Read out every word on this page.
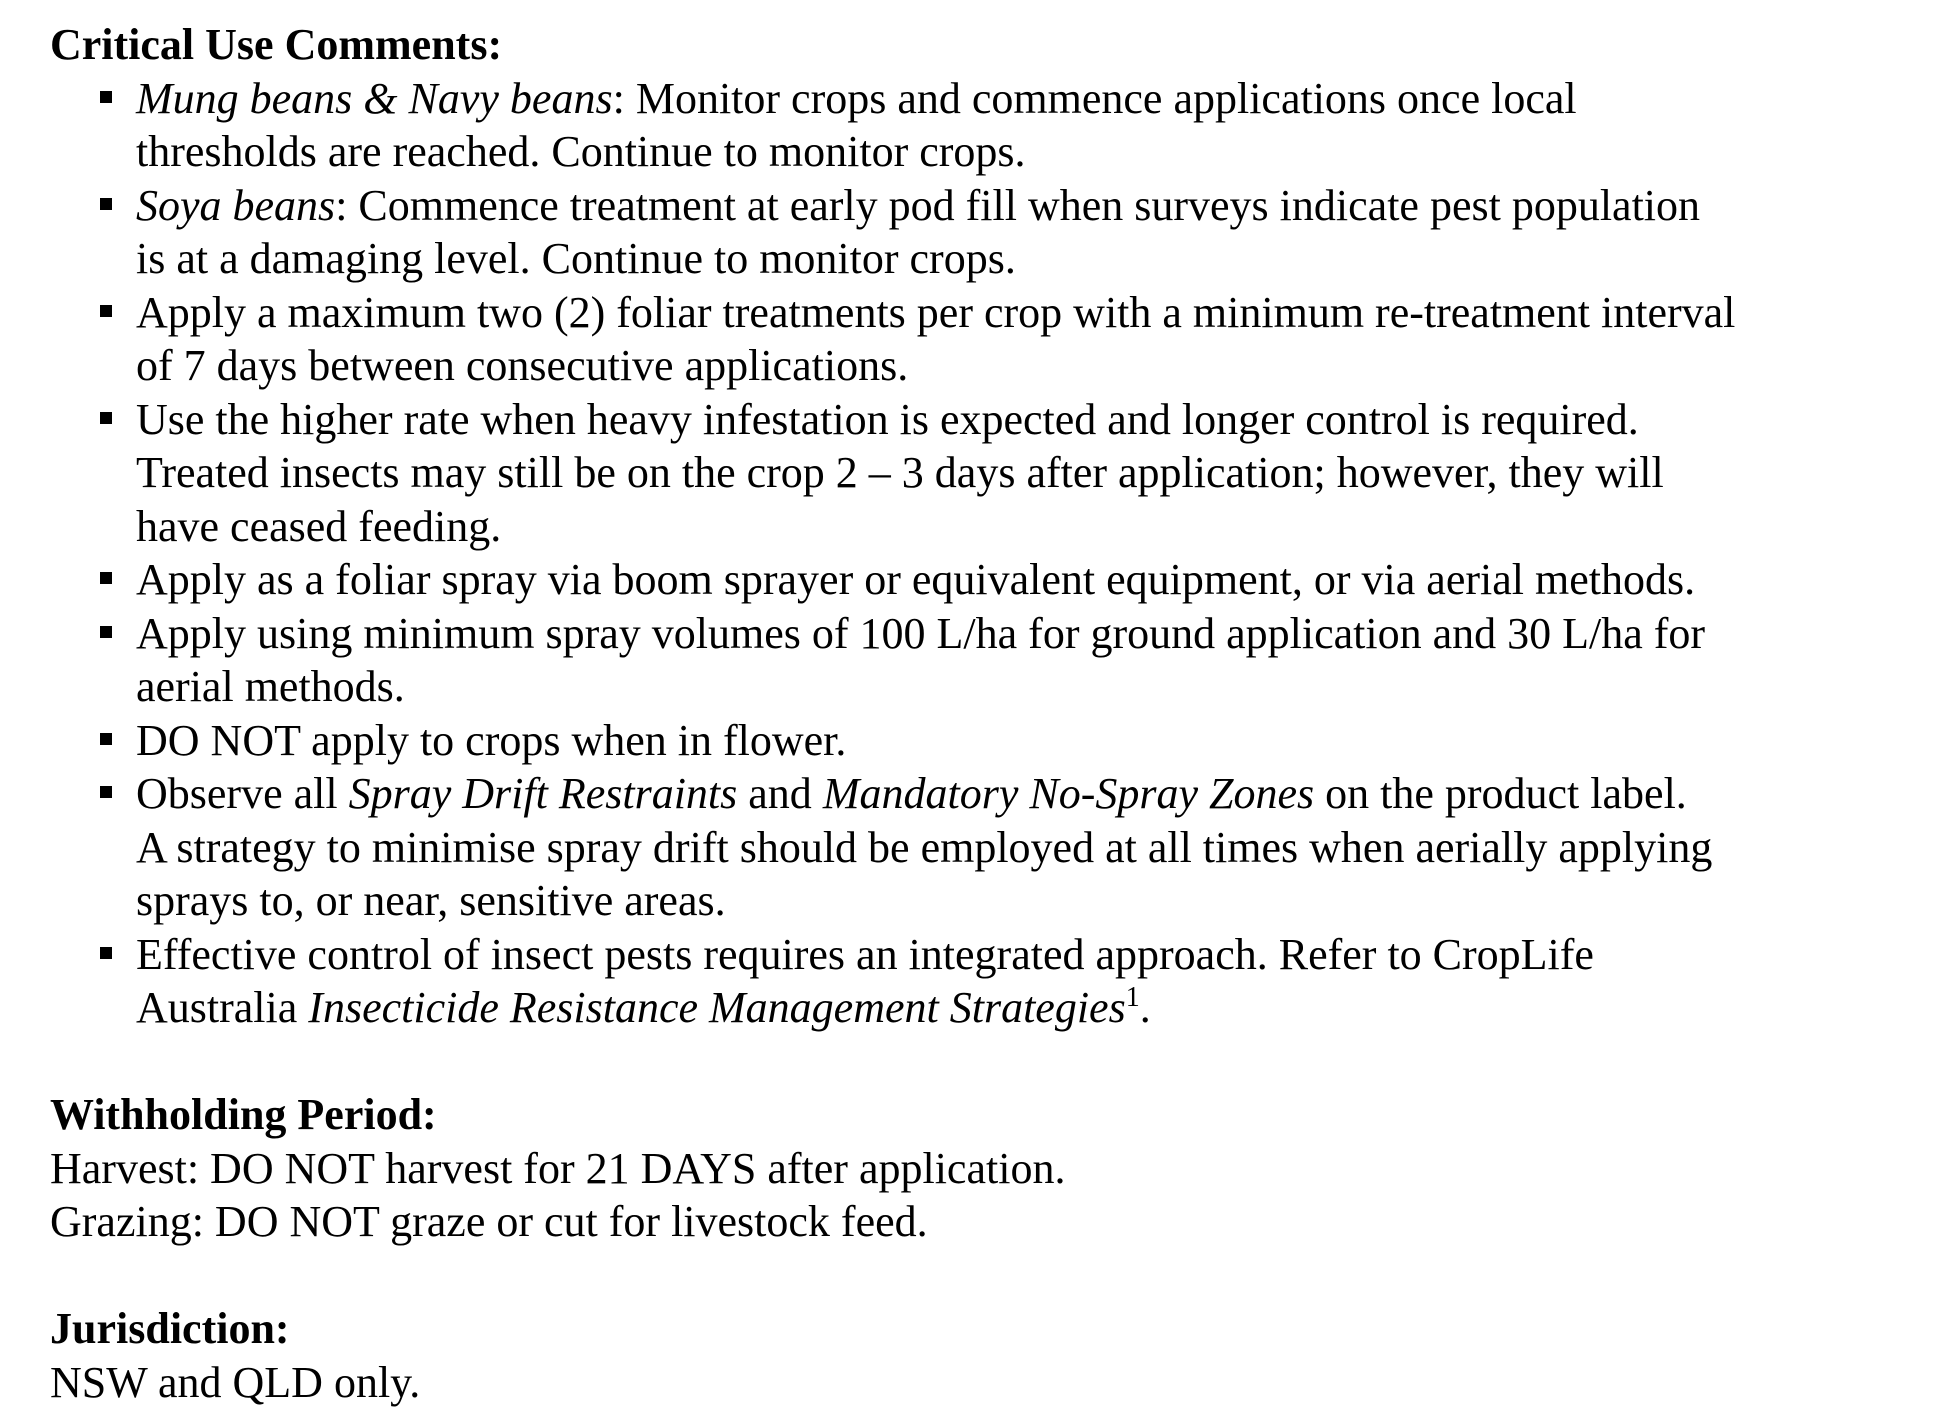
Critical Use Comments:

Mung beans & Navy beans: Monitor crops and commence applications once local
thresholds are reached. Continue to monitor crops.
Soya beans: Commence treatment at early pod fill when surveys indicate pest population
is at a damaging level. Continue to monitor crops.
Apply a maximum two (2) foliar treatments per crop with a minimum re-treatment interval
of 7 days between consecutive applications.
Use the higher rate when heavy infestation is expected and longer control is required.
Treated insects may still be on the crop 2 – 3 days after application; however, they will
have ceased feeding.
Apply as a foliar spray via boom sprayer or equivalent equipment, or via aerial methods.
Apply using minimum spray volumes of 100 L/ha for ground application and 30 L/ha for
aerial methods.
DO NOT apply to crops when in flower.
Observe all Spray Drift Restraints and Mandatory No-Spray Zones on the product label.
A strategy to minimise spray drift should be employed at all times when aerially applying
sprays to, or near, sensitive areas.
Effective control of insect pests requires an integrated approach. Refer to CropLife
Australia Insecticide Resistance Management Strategies$^1$.

Withholding Period:

Harvest: DO NOT harvest for 21 DAYS after application.

Grazing: DO NOT graze or cut for livestock feed.

Jurisdiction:

NSW and QLD only.
